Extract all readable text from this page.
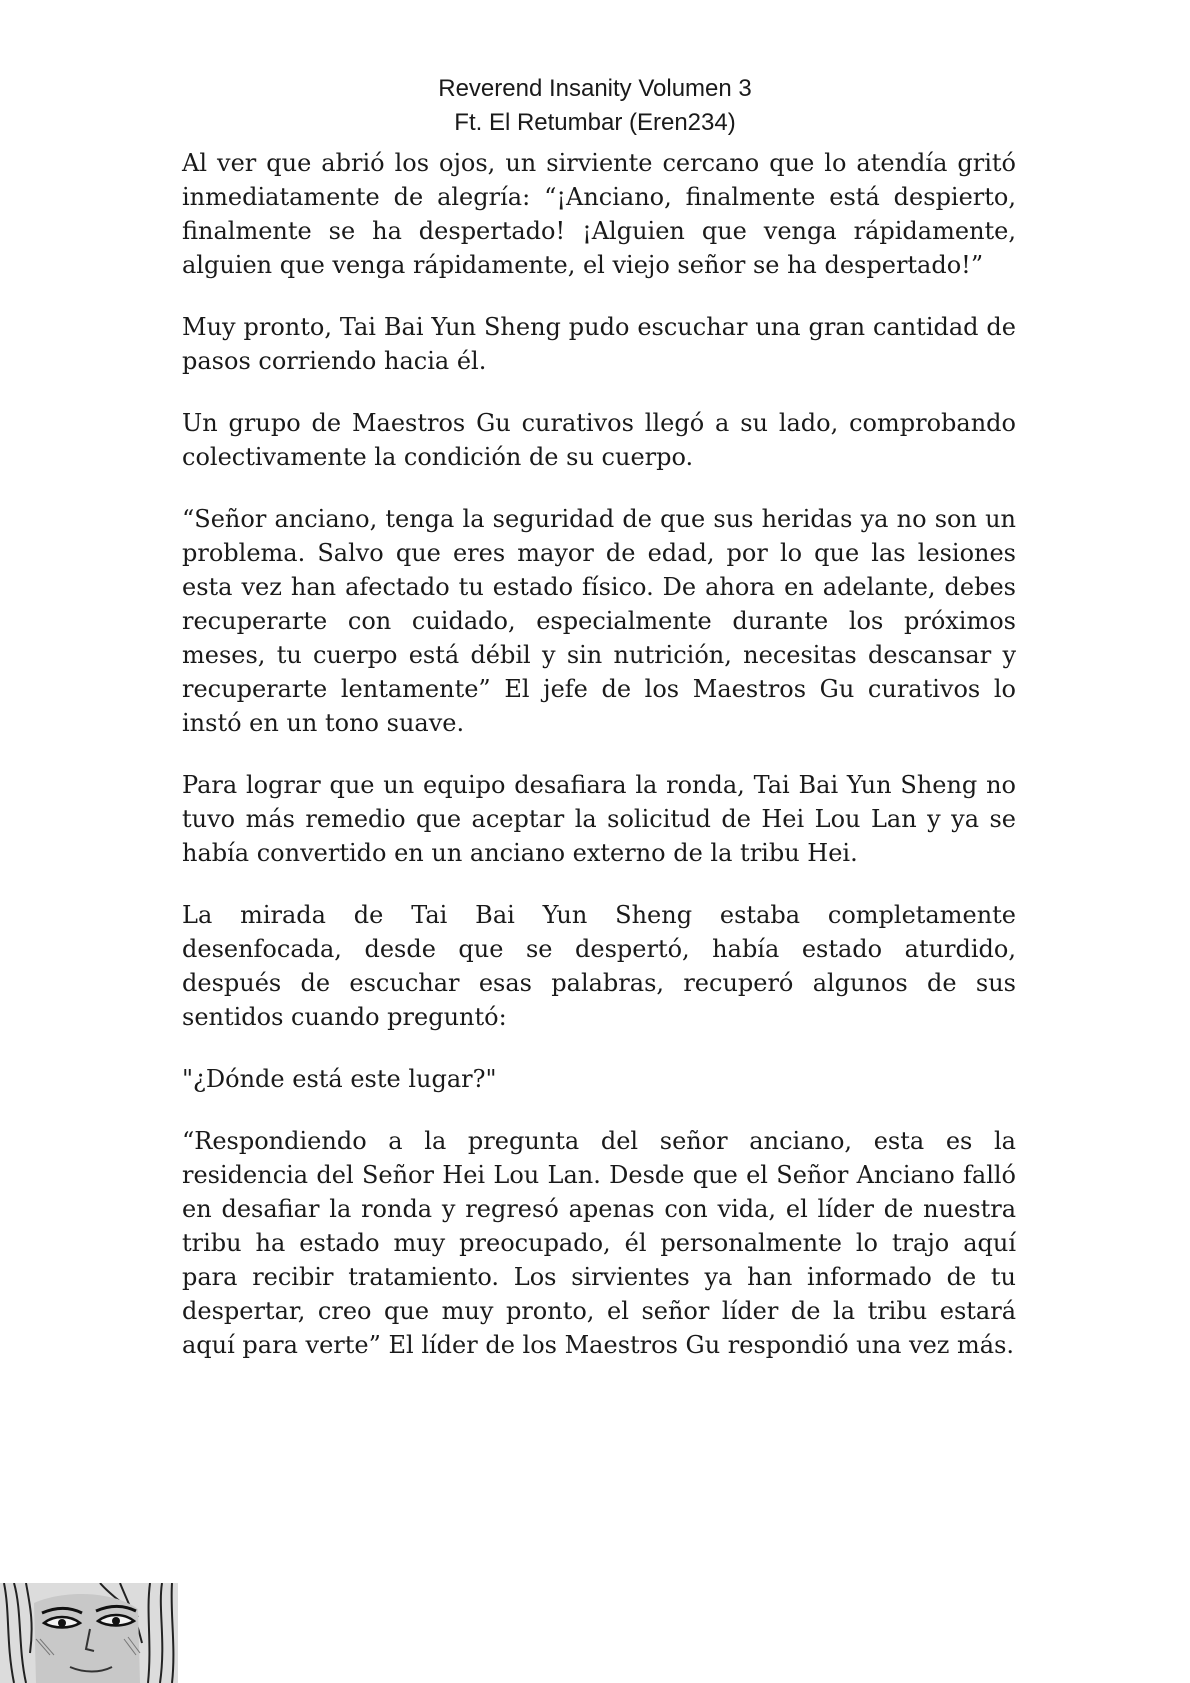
Reverend Insanity Volumen 3
Ft. El Retumbar (Eren234)

Al ver que abrió los ojos, un sirviente cercano que lo atendía gritó inmediatamente de alegría: “¡Anciano, finalmente está despierto, finalmente se ha despertado! ¡Alguien que venga rápidamente, alguien que venga rápidamente, el viejo señor se ha despertado!”

Muy pronto, Tai Bai Yun Sheng pudo escuchar una gran cantidad de pasos corriendo hacia él.

Un grupo de Maestros Gu curativos llegó a su lado, comprobando colectivamente la condición de su cuerpo.

“Señor anciano, tenga la seguridad de que sus heridas ya no son un problema. Salvo que eres mayor de edad, por lo que las lesiones esta vez han afectado tu estado físico. De ahora en adelante, debes recuperarte con cuidado, especialmente durante los próximos meses, tu cuerpo está débil y sin nutrición, necesitas descansar y recuperarte lentamente” El jefe de los Maestros Gu curativos lo instó en un tono suave.

Para lograr que un equipo desafiara la ronda, Tai Bai Yun Sheng no tuvo más remedio que aceptar la solicitud de Hei Lou Lan y ya se había convertido en un anciano externo de la tribu Hei.

La mirada de Tai Bai Yun Sheng estaba completamente desenfocada, desde que se despertó, había estado aturdido, después de escuchar esas palabras, recuperó algunos de sus sentidos cuando preguntó:

"¿Dónde está este lugar?"

“Respondiendo a la pregunta del señor anciano, esta es la residencia del Señor Hei Lou Lan. Desde que el Señor Anciano falló en desafiar la ronda y regresó apenas con vida, el líder de nuestra tribu ha estado muy preocupado, él personalmente lo trajo aquí para recibir tratamiento. Los sirvientes ya han informado de tu despertar, creo que muy pronto, el señor líder de la tribu estará aquí para verte” El líder de los Maestros Gu respondió una vez más.
